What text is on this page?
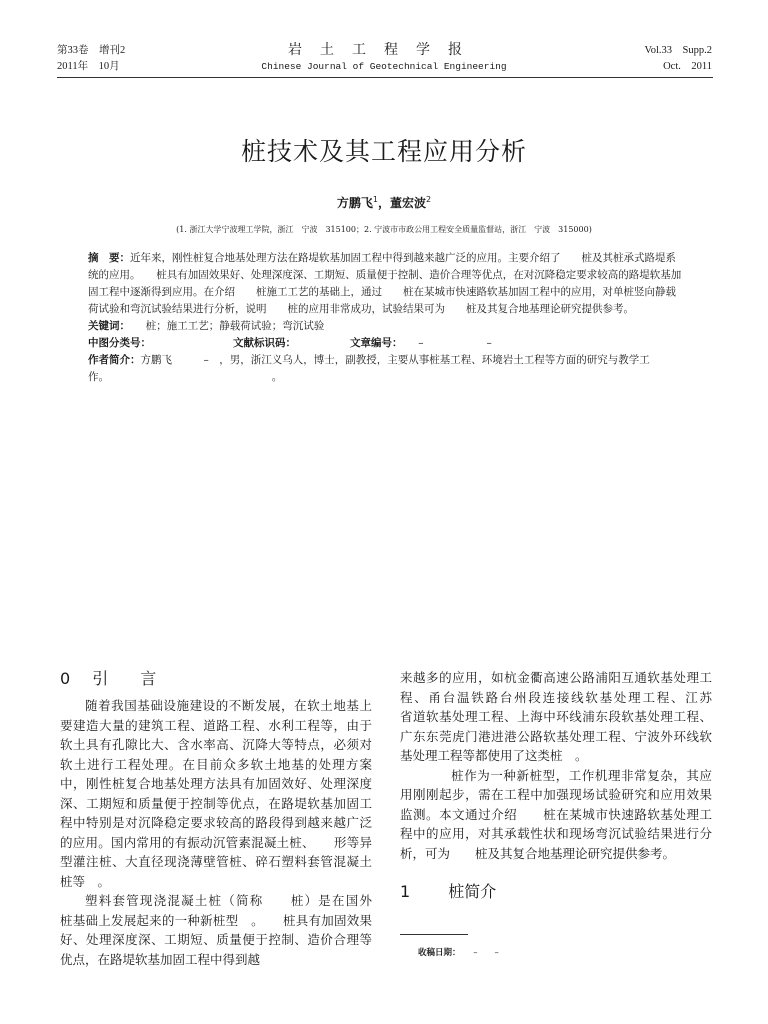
第33卷　增刊2
2011年　10月
岩土工程学报
Chinese Journal of Geotechnical Engineering
Vol.33　Supp.2
Oct.　2011
桩技术及其工程应用分析
方鹏飞$^1$，董宏波$^2$
(1. 浙江大学宁波理工学院，浙江　宁波　315100；2. 宁波市市政公用工程安全质量监督站，浙江　宁波　315000)

摘　要：近年来，刚性桩复合地基处理方法在路堤软基加固工程中得到越来越广泛的应用。主要介绍了　　桩及其桩承式路堤系统的应用。　　桩具有加固效果好、处理深度深、工期短、质量便于控制、造价合理等优点，在对沉降稳定要求较高的路堤软基加固工程中逐渐得到应用。在介绍　　桩施工工艺的基础上，通过　　桩在某城市快速路软基加固工程中的应用，对单桩竖向静载荷试验和弯沉试验结果进行分析，说明　　桩的应用非常成功，试验结果可为　　桩及其复合地基理论研究提供参考。

关键词：　　桩；施工工艺；静载荷试验；弯沉试验

中图分类号：	文献标识码：	文章编号：　　–　　　　　　–

作者简介：方鹏飞　　　–　，男，浙江义乌人，博士，副教授，主要从事桩基工程、环境岩土工程等方面的研究与教学工作。　　　　　　　　　　　　　　　　。

0 引　　言

随着我国基础设施建设的不断发展，在软土地基上要建造大量的建筑工程、道路工程、水利工程等，由于软土具有孔隙比大、含水率高、沉降大等特点，必须对软土进行工程处理。在目前众多软土地基的处理方案中，刚性桩复合地基处理方法具有加固效好、处理深度深、工期短和质量便于控制等优点，在路堤软基加固工程中特别是对沉降稳定要求较高的路段得到越来越广泛的应用。国内常用的有振动沉管素混凝土桩、　　形等异型灌注桩、大直径现浇薄壁管桩、碎石塑料套管混凝土桩等　。

塑料套管现浇混凝土桩（简称　　桩）是在国外　　桩基础上发展起来的一种新桩型　。　　桩具有加固效果好、处理深度深、工期短、质量便于控制、造价合理等优点，在路堤软基加固工程中得到越

来越多的应用，如杭金衢高速公路浦阳互通软基处理工程、甬台温铁路台州段连接线软基处理工程、江苏　　省道软基处理工程、上海中环线浦东段软基处理工程、广东东莞虎门港进港公路软基处理工程、宁波外环线软基处理工程等都使用了这类桩　。

　　桩作为一种新桩型，工作机理非常复杂，其应用刚刚起步，需在工程中加强现场试验研究和应用效果监测。本文通过介绍　　桩在某城市快速路软基处理工程中的应用，对其承载性状和现场弯沉试验结果进行分析，可为　　桩及其复合地基理论研究提供参考。

1 桩简介
收稿日期：　　–　　–
